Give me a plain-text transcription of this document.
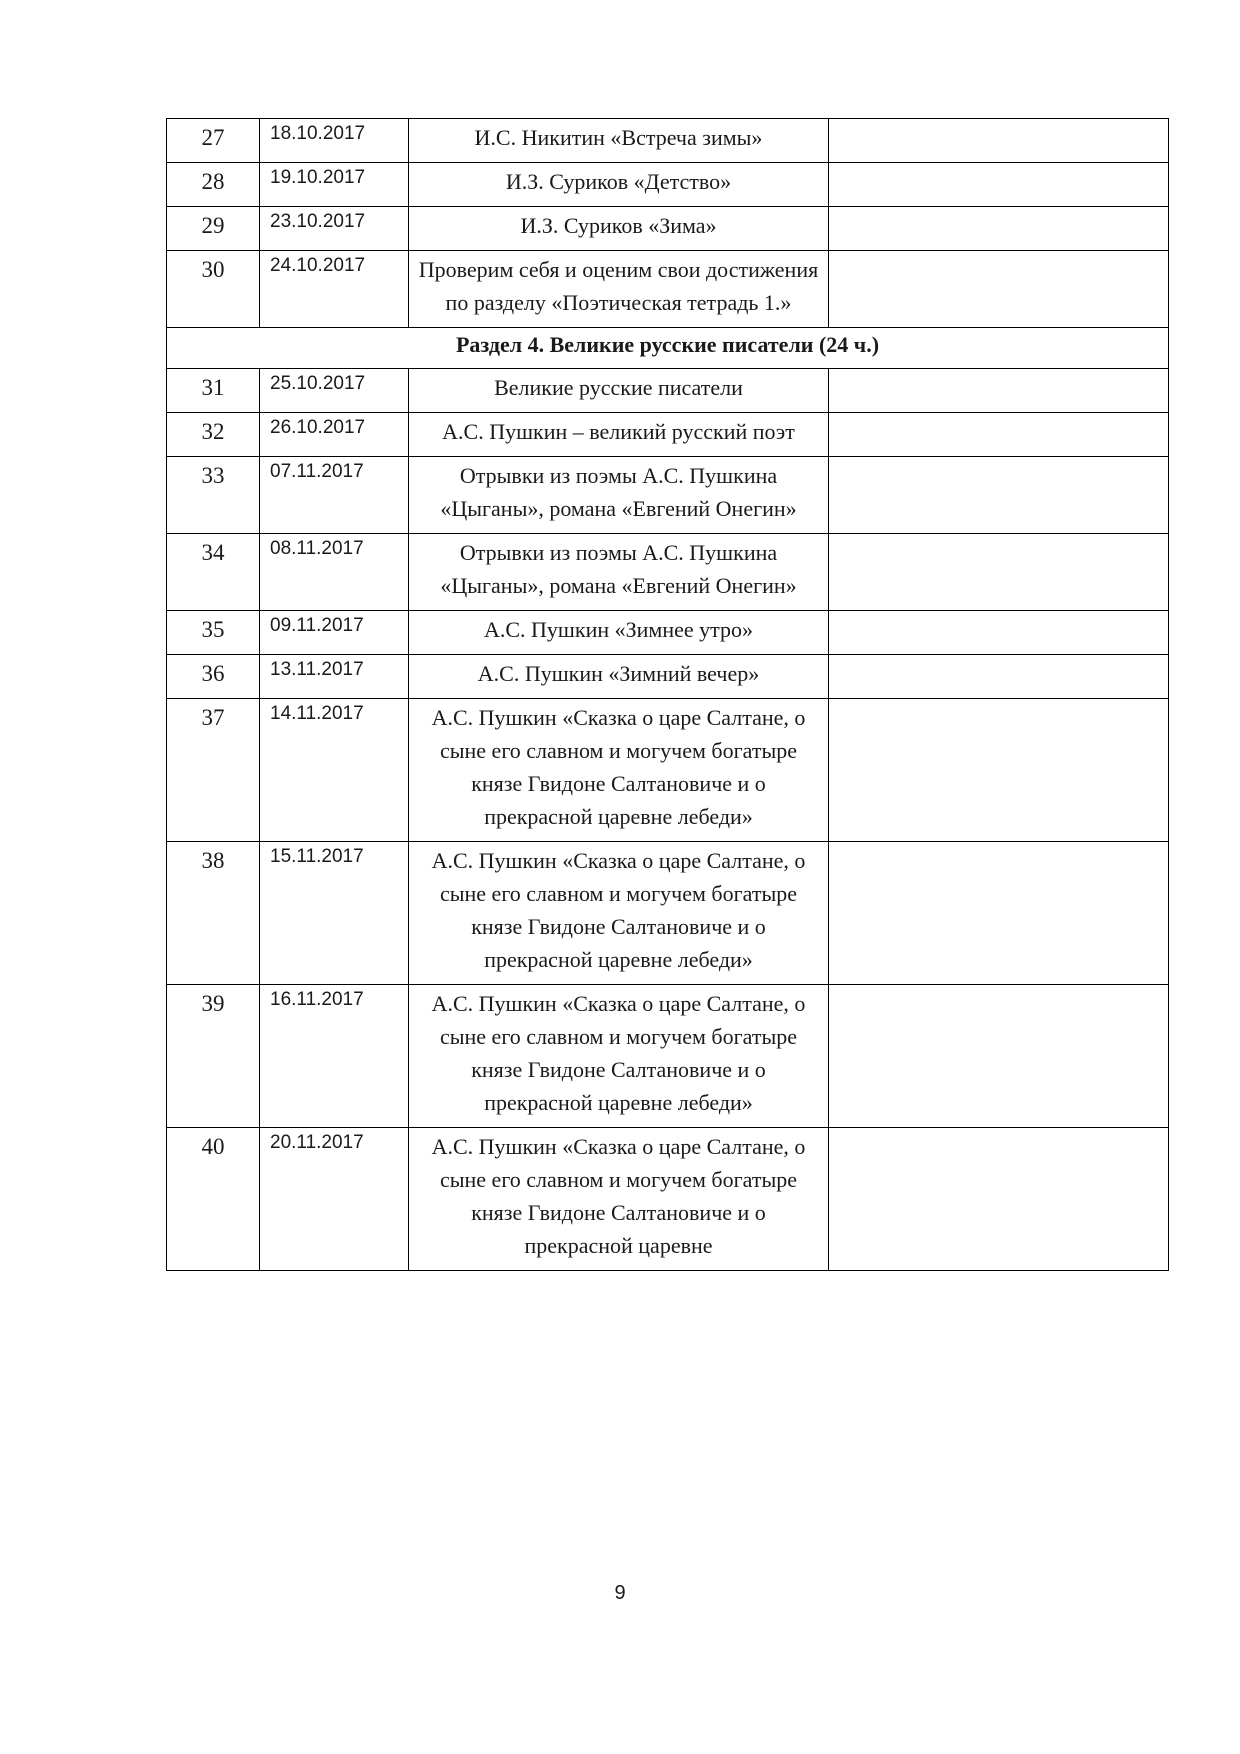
27	18.10.2017	И.С. Никитин «Встреча зимы»	
28	19.10.2017	И.З. Суриков «Детство»	
29	23.10.2017	И.З. Суриков «Зима»	
30	24.10.2017	Проверим себя и оценим свои достижения по разделу «Поэтическая тетрадь 1.»	
Раздел 4. Великие русские писатели (24 ч.)			
31	25.10.2017	Великие русские писатели	
32	26.10.2017	А.С. Пушкин – великий русский поэт	
33	07.11.2017	Отрывки из поэмы А.С. Пушкина «Цыганы», романа «Евгений Онегин»	
34	08.11.2017	Отрывки из поэмы А.С. Пушкина «Цыганы», романа «Евгений Онегин»	
35	09.11.2017	А.С. Пушкин «Зимнее утро»	
36	13.11.2017	А.С. Пушкин «Зимний вечер»	
37	14.11.2017	А.С. Пушкин «Сказка о царе Салтане, о сыне его славном и могучем богатыре князе Гвидоне Салтановиче и о прекрасной царевне лебеди»	
38	15.11.2017	А.С. Пушкин «Сказка о царе Салтане, о сыне его славном и могучем богатыре князе Гвидоне Салтановиче и о прекрасной царевне лебеди»	
39	16.11.2017	А.С. Пушкин «Сказка о царе Салтане, о сыне его славном и могучем богатыре князе Гвидоне Салтановиче и о прекрасной царевне лебеди»	
40	20.11.2017	А.С. Пушкин «Сказка о царе Салтане, о сыне его славном и могучем богатыре князе Гвидоне Салтановиче и о прекрасной царевне	
9
